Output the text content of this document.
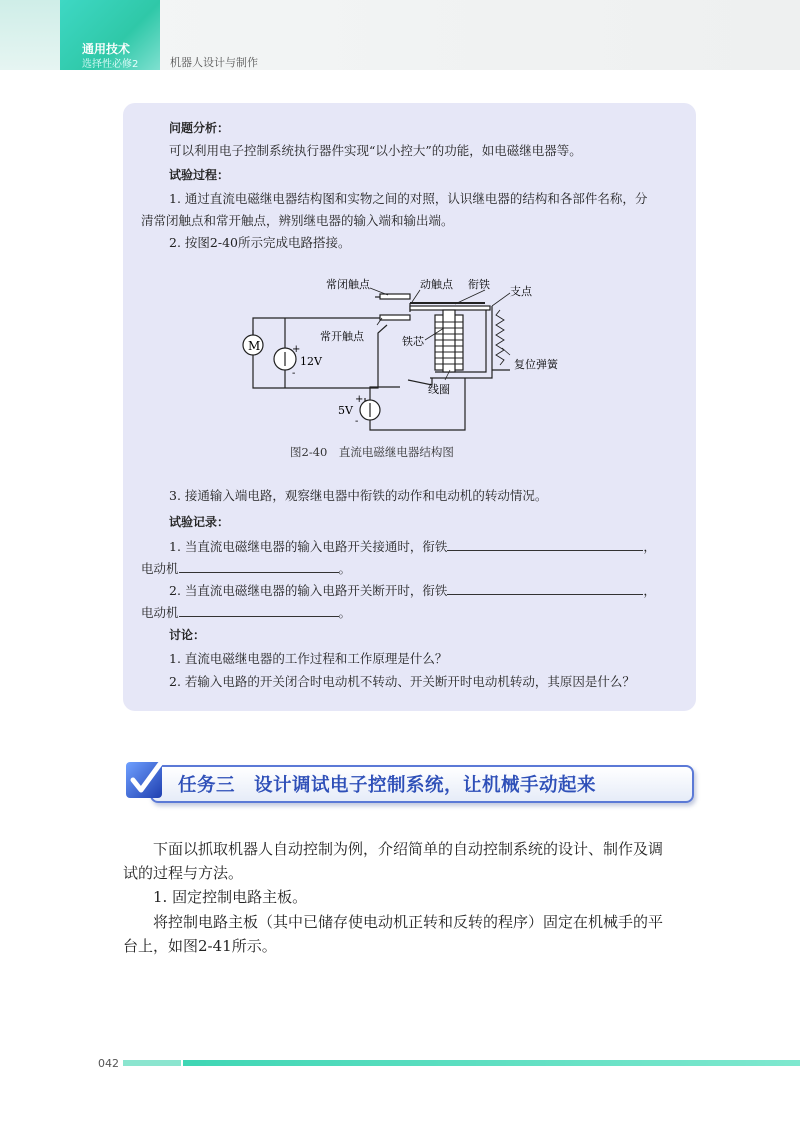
通用技术
选择性必修2	机器人设计与制作
问题分析：
可以利用电子控制系统执行器件实现“以小控大”的功能，如电磁继电器等。
试验过程：
1. 通过直流电磁继电器结构图和实物之间的对照，认识继电器的结构和各部件名称，分
清常闭触点和常开触点，辨别继电器的输入端和输出端。
2. 按图2-40所示完成电路搭接。
M	+
-
12V
+
-
5V
常闭触点	动触点 衔铁
支点
常开触点	铁芯
复位弹簧
线圈
图2-40　直流电磁继电器结构图
3. 接通输入端电路，观察继电器中衔铁的动作和电动机的转动情况。
试验记录：
1. 当直流电磁继电器的输入电路开关接通时，衔铁	，
电动机	。
2. 当直流电磁继电器的输入电路开关断开时，衔铁	，
电动机	。
讨论：
1. 直流电磁继电器的工作过程和工作原理是什么？
2. 若输入电路的开关闭合时电动机不转动、开关断开时电动机转动，其原因是什么？
任务三　设计调试电子控制系统，让机械手动起来
下面以抓取机器人自动控制为例，介绍简单的自动控制系统的设计、制作及调
试的过程与方法。
1. 固定控制电路主板。
将控制电路主板（其中已储存使电动机正转和反转的程序）固定在机械手的平
台上，如图2-41所示。
042
